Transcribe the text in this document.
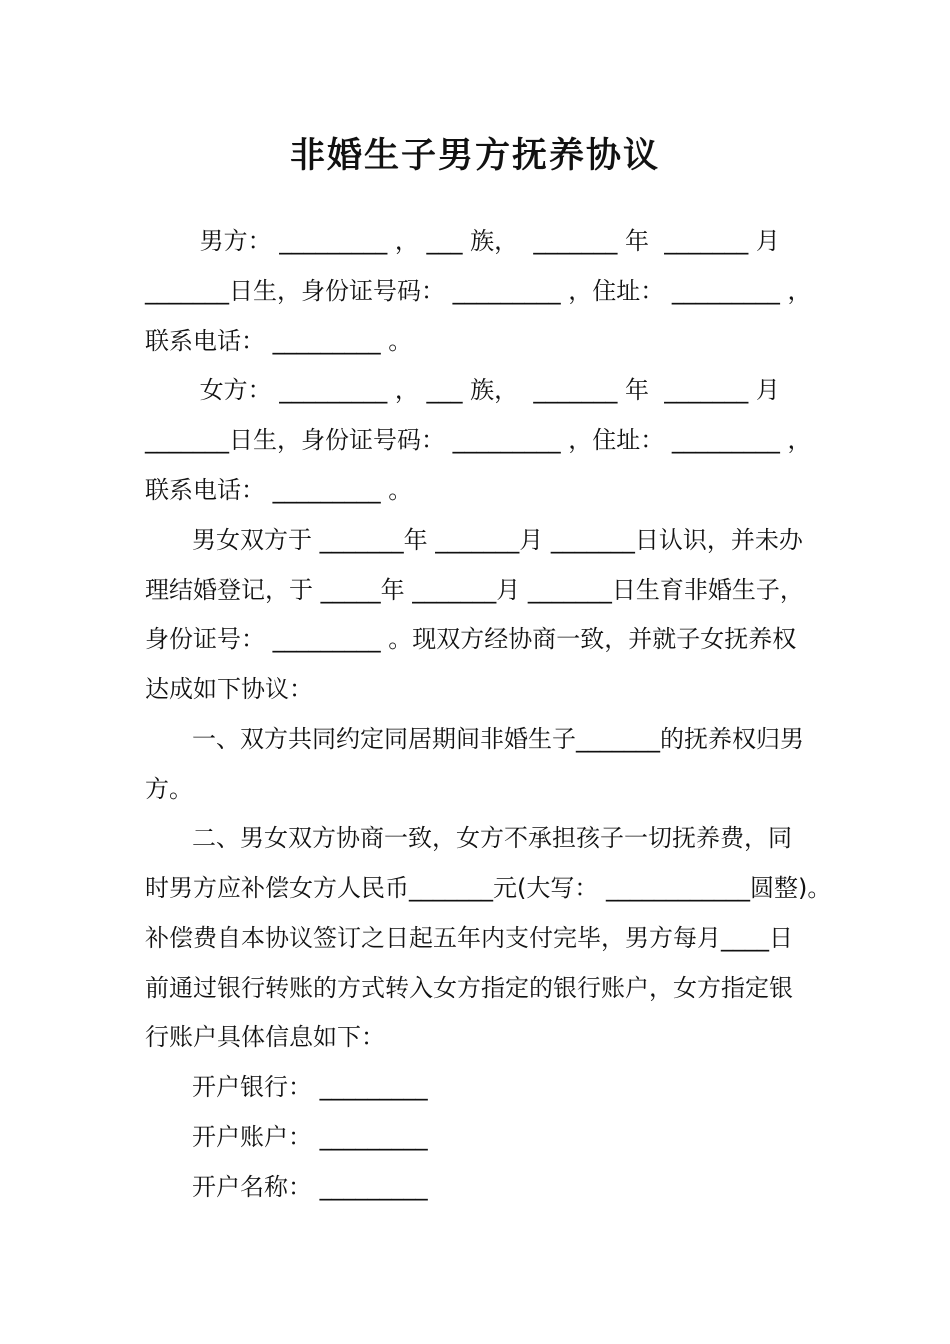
非婚生子男方抚养协议
男方： _________ ， ___ 族，  _______ 年  _______ 月
_______日生，身份证号码： _________ ，住址： _________ ，
联系电话： _________ 。
女方： _________ ， ___ 族，  _______ 年  _______ 月
_______日生，身份证号码： _________ ，住址： _________ ，
联系电话： _________ 。
男女双方于 _______年 _______月 _______日认识，并未办
理结婚登记，于 _____年 _______月 _______日生育非婚生子，
身份证号： _________ 。现双方经协商一致，并就子女抚养权
达成如下协议：
一、双方共同约定同居期间非婚生子_______的抚养权归男
方。
二、男女双方协商一致，女方不承担孩子一切抚养费，同
时男方应补偿女方人民币_______元(大写： ____________圆整)。
补偿费自本协议签订之日起五年内支付完毕，男方每月____日
前通过银行转账的方式转入女方指定的银行账户，女方指定银
行账户具体信息如下：
开户银行： _________
开户账户： _________
开户名称： _________
